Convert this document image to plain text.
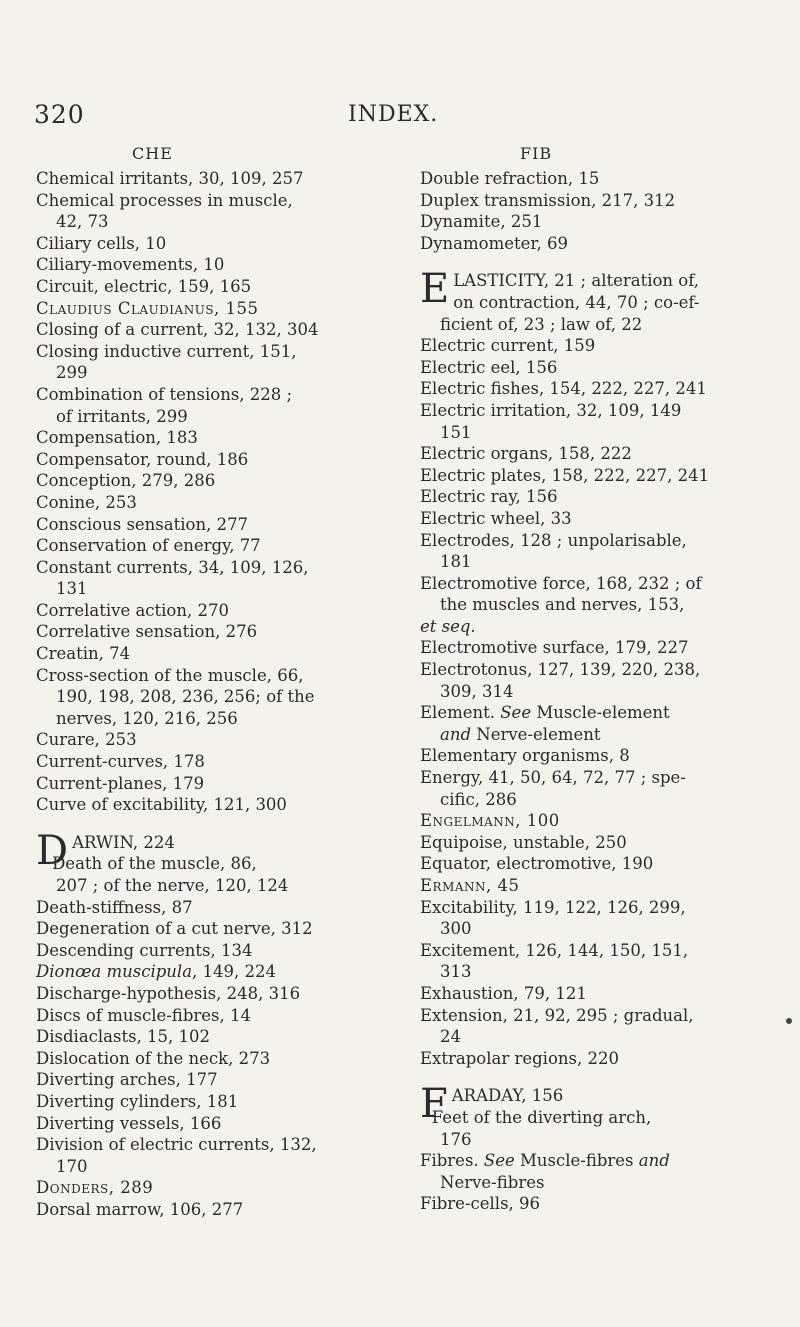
320	INDEX.
CHE
Chemical irritants, 30, 109, 257
Chemical processes in muscle,
42, 73
Ciliary cells, 10
Ciliary-movements, 10
Circuit, electric, 159, 165
Claudius Claudianus, 155
Closing of a current, 32, 132, 304
Closing inductive current, 151,
299
Combination of tensions, 228 ;
of irritants, 299
Compensation, 183
Compensator, round, 186
Conception, 279, 286
Conine, 253
Conscious sensation, 277
Conservation of energy, 77
Constant currents, 34, 109, 126,
131
Correlative action, 270
Correlative sensation, 276
Creatin, 74
Cross-section of the muscle, 66,
190, 198, 208, 236, 256; of the
nerves, 120, 216, 256
Curare, 253
Current-curves, 178
Current-planes, 179
Curve of excitability, 121, 300
DARWIN, 224
Death of the muscle, 86,
207 ; of the nerve, 120, 124
Death-stiffness, 87
Degeneration of a cut nerve, 312
Descending currents, 134
Dionœa muscipula, 149, 224
Discharge-hypothesis, 248, 316
Discs of muscle-fibres, 14
Disdiaclasts, 15, 102
Dislocation of the neck, 273
Diverting arches, 177
Diverting cylinders, 181
Diverting vessels, 166
Division of electric currents, 132,
170
Donders, 289
Dorsal marrow, 106, 277
FIB
Double refraction, 15
Duplex transmission, 217, 312
Dynamite, 251
Dynamometer, 69
ELASTICITY, 21 ; alteration of,
on contraction, 44, 70 ; co-ef-
ficient of, 23 ; law of, 22
Electric current, 159
Electric eel, 156
Electric fishes, 154, 222, 227, 241
Electric irritation, 32, 109, 149
151
Electric organs, 158, 222
Electric plates, 158, 222, 227, 241
Electric ray, 156
Electric wheel, 33
Electrodes, 128 ; unpolarisable,
181
Electromotive force, 168, 232 ; of
the muscles and nerves, 153,
et seq.
Electromotive surface, 179, 227
Electrotonus, 127, 139, 220, 238,
309, 314
Element. See Muscle-element
and Nerve-element
Elementary organisms, 8
Energy, 41, 50, 64, 72, 77 ; spe-
cific, 286
Engelmann, 100
Equipoise, unstable, 250
Equator, electromotive, 190
Ermann, 45
Excitability, 119, 122, 126, 299,
300
Excitement, 126, 144, 150, 151,
313
Exhaustion, 79, 121
Extension, 21, 92, 295 ; gradual,
24
Extrapolar regions, 220
FARADAY, 156
Feet of the diverting arch,
176
Fibres. See Muscle-fibres and
Nerve-fibres
Fibre-cells, 96
